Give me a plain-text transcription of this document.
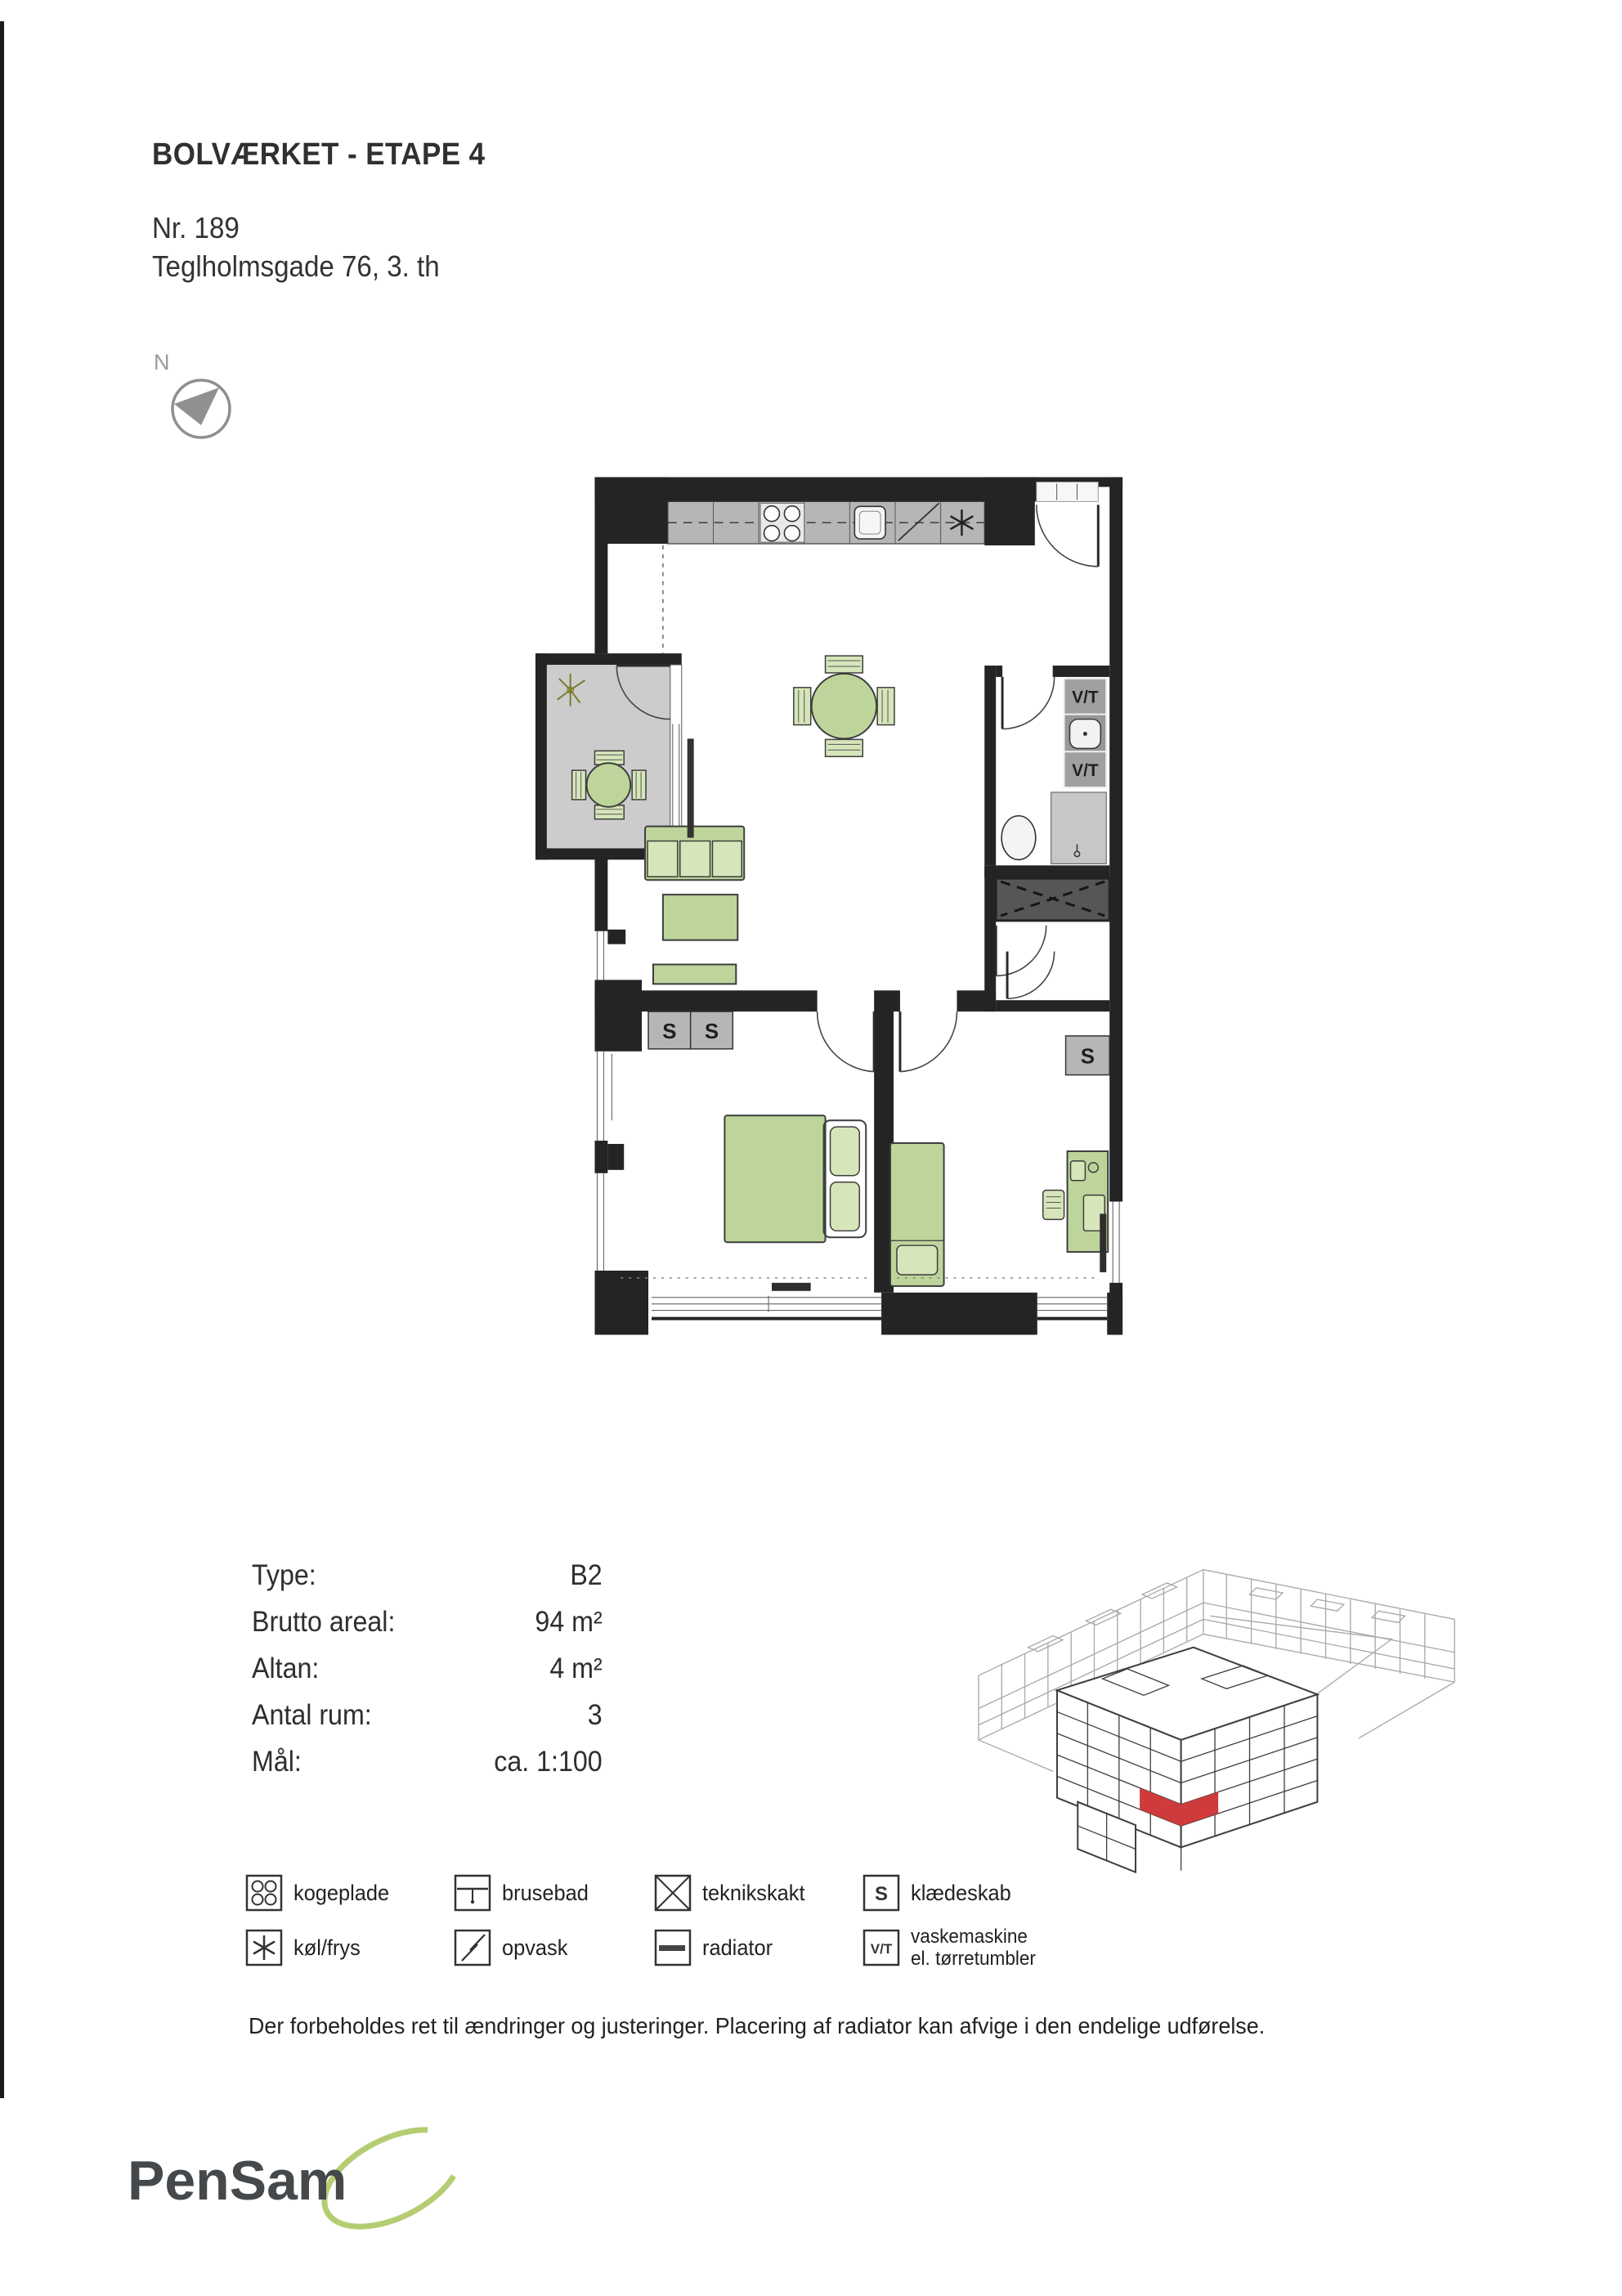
BOLVÆRKET - ETAPE 4
Nr. 189
Teglholmsgade 76, 3. th
N
V/T
V/T
S S
S
Type:	B2
Brutto areal:	94 m²
Altan:	4 m²
Antal rum:	3
Mål:	ca. 1:100
kogeplade	brusebad	teknikskakt	S klædeskab
køl/frys	opvask	radiator	V/T
vaskemaskine
el. tørretumbler
Der forbeholdes ret til ændringer og justeringer. Placering af radiator kan afvige i den endelige udførelse.
PenSam
